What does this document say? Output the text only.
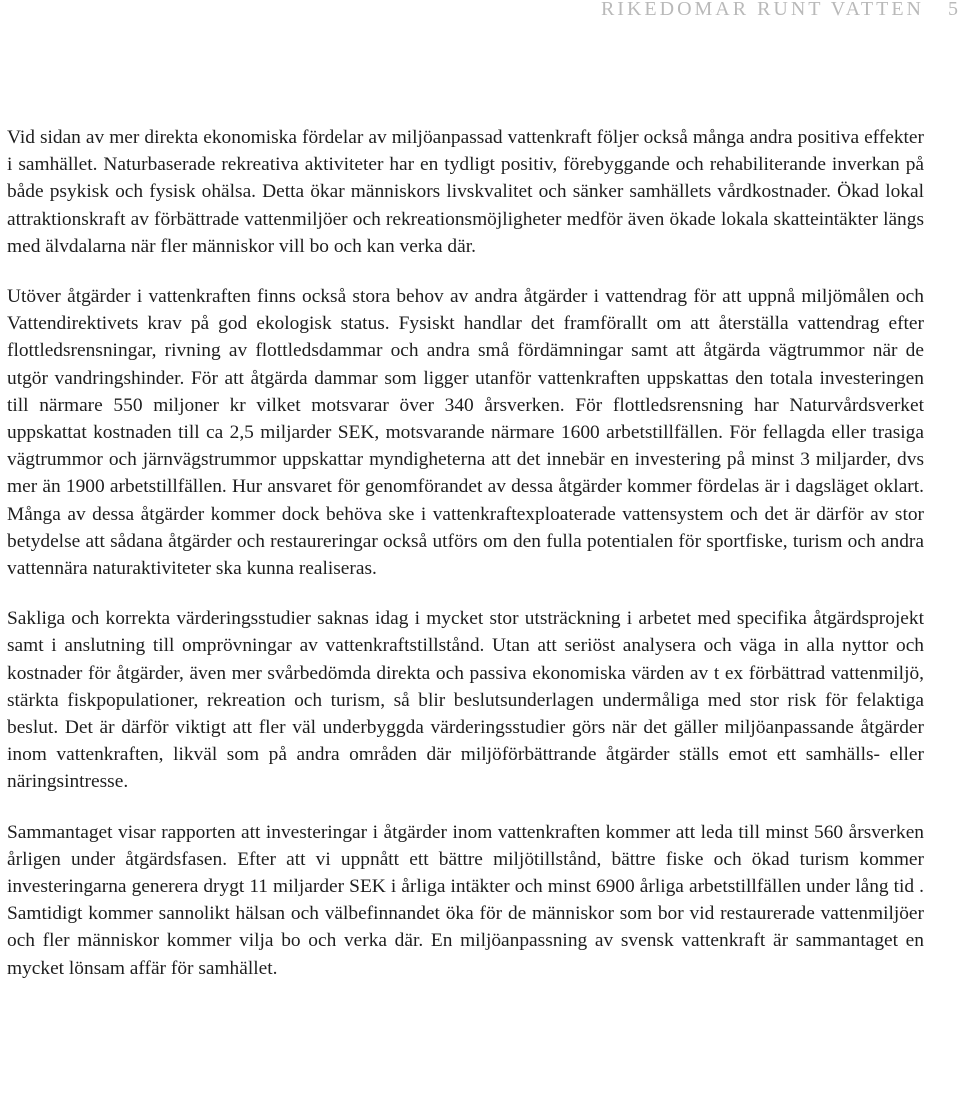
RIKEDOMAR RUNT VATTEN 5

Vid sidan av mer direkta ekonomiska fördelar av miljöanpassad vattenkraft följer också många andra positiva effekter i samhället. Naturbaserade rekreativa aktiviteter har en tydligt positiv, förebyggande och rehabiliterande inverkan på både psykisk och fysisk ohälsa. Detta ökar människors livskvalitet och sänker samhällets vårdkostnader. Ökad lokal attraktionskraft av förbättrade vattenmiljöer och rekreationsmöjligheter medför även ökade lokala skatteintäkter längs med älvdalarna när fler människor vill bo och kan verka där.

Utöver åtgärder i vattenkraften finns också stora behov av andra åtgärder i vattendrag för att uppnå miljömålen och Vattendirektivets krav på god ekologisk status. Fysiskt handlar det framförallt om att återställa vattendrag efter flottledsrensningar, rivning av flottledsdammar och andra små fördämningar samt att åtgärda vägtrummor när de utgör vandringshinder. För att åtgärda dammar som ligger utanför vattenkraften uppskattas den totala investeringen till närmare 550 miljoner kr vilket motsvarar över 340 årsverken. För flottledsrensning har Naturvårdsverket uppskattat kostnaden till ca 2,5 miljarder SEK, motsvarande närmare 1600 arbetstillfällen. För fellagda eller trasiga vägtrummor och järnvägstrummor uppskattar myndigheterna att det innebär en investering på minst 3 miljarder, dvs mer än 1900 arbetstillfällen. Hur ansvaret för genomförandet av dessa åtgärder kommer fördelas är i dagsläget oklart. Många av dessa åtgärder kommer dock behöva ske i vattenkraftexploaterade vattensystem och det är därför av stor betydelse att sådana åtgärder och restaureringar också utförs om den fulla potentialen för sportfiske, turism och andra vattennära naturaktiviteter ska kunna realiseras.

Sakliga och korrekta värderingsstudier saknas idag i mycket stor utsträckning i arbetet med specifika åtgärdsprojekt samt i anslutning till omprövningar av vattenkraftstillstånd. Utan att seriöst analysera och väga in alla nyttor och kostnader för åtgärder, även mer svårbedömda direkta och passiva ekonomiska värden av t ex förbättrad vattenmiljö, stärkta fiskpopulationer, rekreation och turism, så blir beslutsunderlagen undermåliga med stor risk för felaktiga beslut. Det är därför viktigt att fler väl underbyggda värderingsstudier görs när det gäller miljöanpassande åtgärder inom vattenkraften, likväl som på andra områden där miljöförbättrande åtgärder ställs emot ett samhälls- eller näringsintresse.

Sammantaget visar rapporten att investeringar i åtgärder inom vattenkraften kommer att leda till minst 560 årsverken årligen under åtgärdsfasen. Efter att vi uppnått ett bättre miljötillstånd, bättre fiske och ökad turism kommer investeringarna generera drygt 11 miljarder SEK i årliga intäkter och minst 6900 årliga arbetstillfällen under lång tid . Samtidigt kommer sannolikt hälsan och välbefinnandet öka för de människor som bor vid restaurerade vattenmiljöer och fler människor kommer vilja bo och verka där. En miljöanpassning av svensk vattenkraft är sammantaget en mycket lönsam affär för samhället.
